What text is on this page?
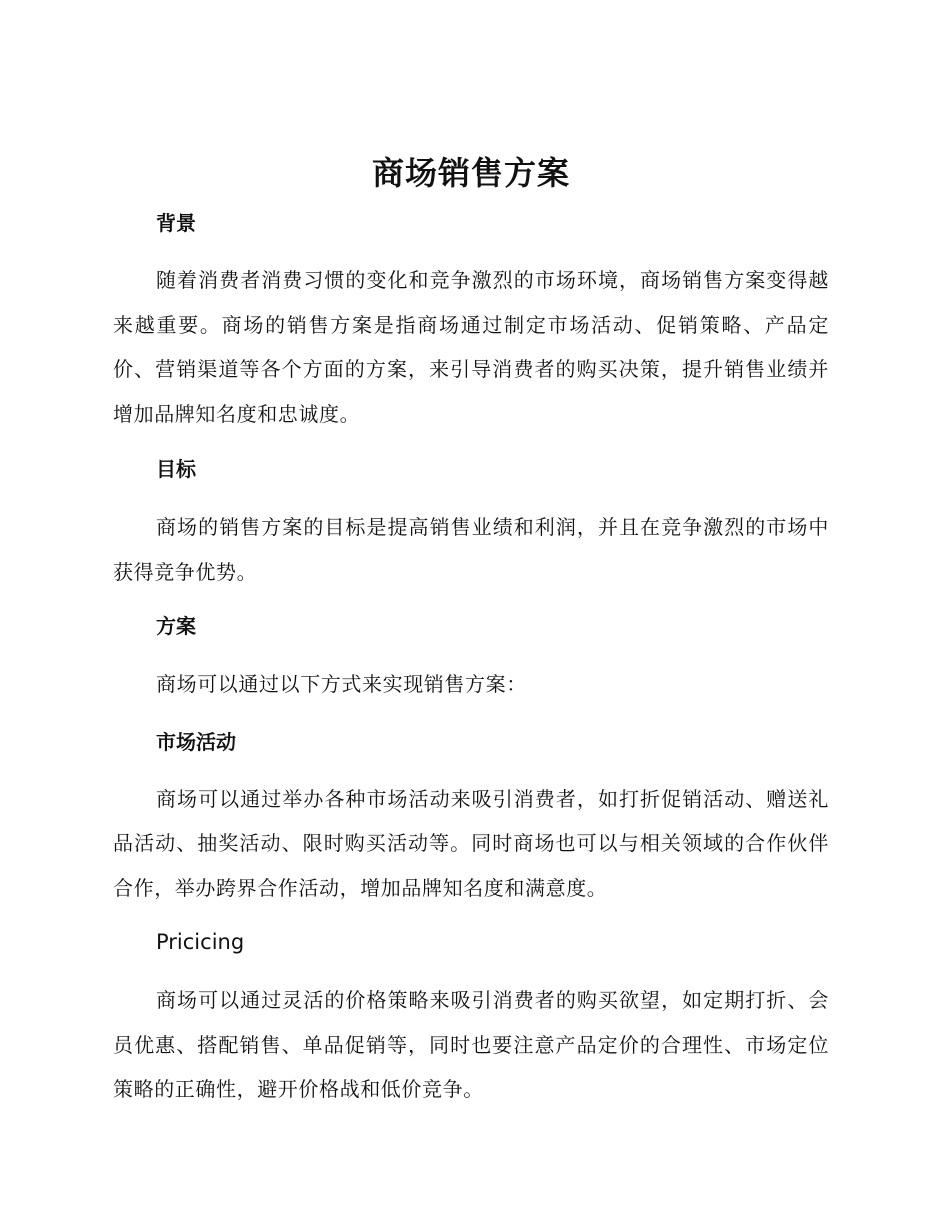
商场销售方案
背景

随着消费者消费习惯的变化和竞争激烈的市场环境，商场销售方案变得越来越重要。商场的销售方案是指商场通过制定市场活动、促销策略、产品定价、营销渠道等各个方面的方案，来引导消费者的购买决策，提升销售业绩并增加品牌知名度和忠诚度。

目标

商场的销售方案的目标是提高销售业绩和利润，并且在竞争激烈的市场中获得竞争优势。

方案

商场可以通过以下方式来实现销售方案：

市场活动

商场可以通过举办各种市场活动来吸引消费者，如打折促销活动、赠送礼品活动、抽奖活动、限时购买活动等。同时商场也可以与相关领域的合作伙伴合作，举办跨界合作活动，增加品牌知名度和满意度。

Pricicing

商场可以通过灵活的价格策略来吸引消费者的购买欲望，如定期打折、会员优惠、搭配销售、单品促销等，同时也要注意产品定价的合理性、市场定位策略的正确性，避开价格战和低价竞争。
